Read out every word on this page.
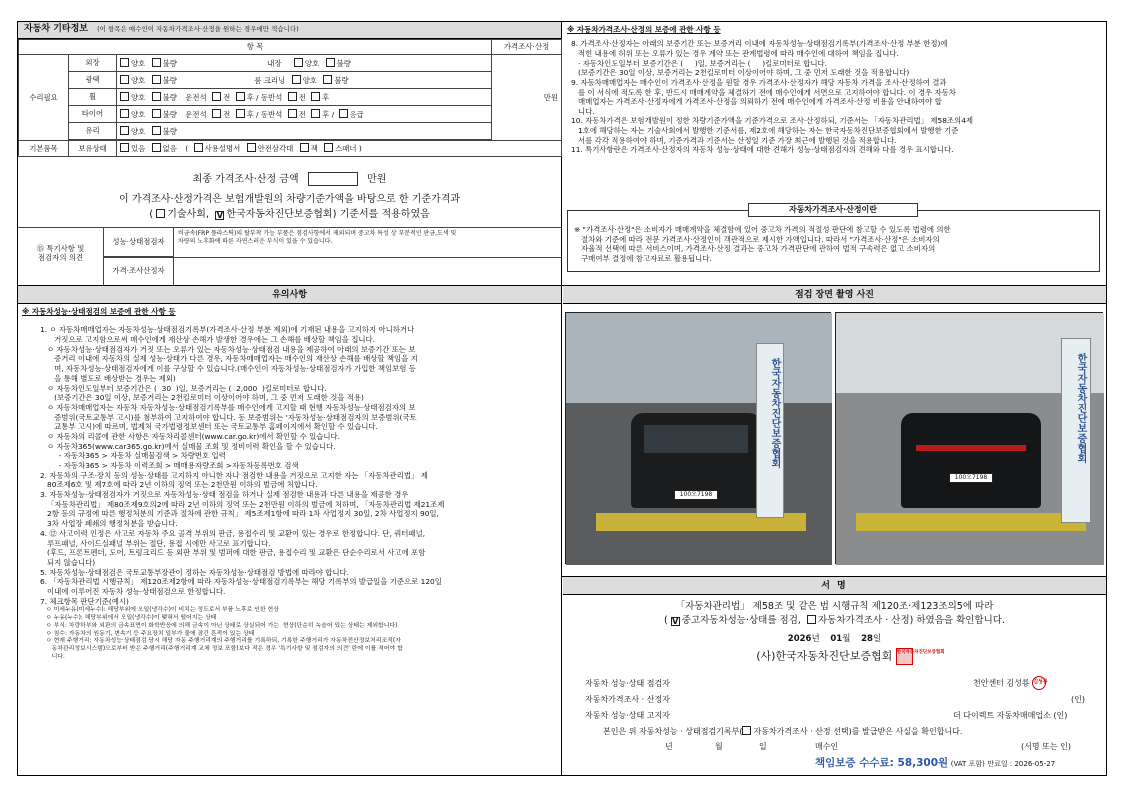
자동차 기타정보 (이 항목은 매수인이 자동차가격조사·산정을 원하는 경우에만 적습니다)
항 목			가격조사·산정
수리필요	외장	양호 불량 내장 양호 불량	만원
	광택	양호 불량 룸 크리닝 양호 불량	
	휠	양호 불량 운전석 전 후 / 동반석 전 후	
	타이어	양호 불량 운전석 전 후 / 동반석 전 후 / 응급	
	유리	양호 불량	

기본품목	보유상태	있음 없음 ( 사용설명서 안전삼각대 잭 스패너 )	
최종 가격조사·산정 금액	만원
이 가격조사·산정가격은 보험개발원의 차량기준가액을 바탕으로 한 기준가격과
( 기술사회, V 한국자동차진단보증협회) 기준서를 적용하였음
⑮ 특기사항 및
점검자의 의견
성능·상태점검자
비금속(FRP 플라스틱)의 탈부착 가능 부품은 점검사항에서 제외되며 중고차 특성 상 부분적인 판금,도색 및
차량의 노후화에 따른 자연스러운 부식이 있을 수 있습니다.
가격·조사산정자
※ 자동차가격조사·산정의 보증에 관한 사항 등
8. 가격조사·산정자는 아래의 보증기간 또는 보증거리 이내에 자동차성능·상태점검기록부(가격조사·산정 부분 한정)에
적힌 내용에 허위 또는 오류가 있는 경우 계약 또는 관계법령에 따라 매수인에 대하여 책임을 집니다.
· 자동차인도일부터 보증기간은 (     )일, 보증거리는 (     )킬로미터로 합니다.
(보증기간은 30일 이상, 보증거리는 2천킬로미터 이상이어야 하며, 그 중 먼저 도래한 것을 적용합니다)
9. 자동차매매업자는 매수인이 가격조사·산정을 원할 경우 가격조사·산정자가 해당 자동차 가격을 조사·산정하여 결과
를 이 서식에 적도록 한 후, 반드시 매매계약을 체결하기 전에 매수인에게 서면으로 고지하여야 합니다. 이 경우 자동차
매매업자는 가격조사·산정자에게 가격조사·산정을 의뢰하기 전에 매수인에게 가격조사·산정 비용을 안내하여야 합
니다.
10. 자동차가격은 보험개발원이 정한 차량기준가액을 기준가격으로 조사·산정하되, 기준서는 「자동차관리법」 제58조의4제
1호에 해당하는 자는 기술사회에서 발행한 기준서를, 제2호에 해당하는 자는 한국자동차진단보증협회에서 발행한 기준
서를 각각 적용하여야 하며, 기준가격과 기준서는 산정일 기준 가장 최근에 발행된 것을 적용합니다.
11. 특기사항란은 가격조사·산정자의 자동차 성능·상태에 대한 견해가 성능·상태점검자의 견해와 다를 경우 표시합니다.
자동차가격조사·산정이란
※ "가격조사·산정"은 소비자가 매매계약을 체결함에 있어 중고차 가격의 적절성 판단에 참고할 수 있도록 법령에 의한
절차와 기준에 따라 전문 가격조사·산정인이 객관적으로 제시한 가액입니다. 따라서 "가격조사·산정"은 소비자의
자율적 선택에 따른 서비스이며, 가격조사·산정 결과는 중고차 가격판단에 관하여 법적 구속력은 없고 소비자의
구매여부 결정에 참고자료로 활용됩니다.
유의사항
※ 자동차성능·상태점검의 보증에 관한 사항 등
1. ㅇ 자동차매매업자는 자동차성능·상태점검기록부(가격조사·산정 부분 제외)에 기재된 내용을 고지하지 아니하거나
거짓으로 고지함으로써 매수인에게 재산상 손해가 발생한 경우에는 그 손해를 배상할 책임을 집니다.
ㅇ 자동차성능·상태점검자가 거짓 또는 오류가 있는 자동차성능·상태점검 내용을 제공하여 아래의 보증기간 또는 보
증거리 이내에 자동차의 실제 성능·상태가 다른 경우, 자동차매매업자는 매수인의 재산상 손해를 배상할 책임을 지
며, 자동차성능·상태점검자에게 이를 구상할 수 있습니다.(매수인이 자동차성능·상태점검자가 가입한 책임보험 등
을 통해 별도로 배상받는 경우는 제외)
ㅇ 자동차인도일부터 보증기간은 (  30  )일, 보증거리는 (  2,000  )킬로미터로 합니다.
(보증기간은 30일 이상, 보증거리는 2천킬로미터 이상이어야 하며, 그 중 먼저 도래한 것을 적용)
ㅇ 자동차매매업자는 자동차 자동차성능·상태점검기록부를 매수인에게 고지할 때 현행 자동차성능·상태점검자의 보
증범위(국토교통부 고시)를 첨부하여 고지하여야 합니다. 동 보증범위는 '자동차성능·상태점검자의 보증범위(국토
교통부 고시)에 따르며, 법제처 국가법령정보센터 또는 국토교통부 홈페이지에서 확인할 수 있습니다.
ㅇ 자동차의 리콜에 관한 사항은 자동차리콜센터(www.car.go.kr)에서 확인할 수 있습니다.
ㅇ 자동차365(www.car365.go.kr)에서 실매물 조회 및 정비이력 확인을 할 수 있습니다.
- 자동차365 > 자동차 실매물검색 > 차량번호 입력
- 자동차365 > 자동차 이력조회 > 매매용자량조회 >자동차등록번호 검색
2. 자동차의 구조·장치 등의 성능·상태를 고지하지 아니한 자나 점검한 내용을 거짓으로 고지한 자는 「자동차관리법」 제
80조제6호 및 제7호에 따라 2년 이하의 징역 또는 2천만원 이하의 벌금에 처합니다.
3. 자동차성능·상태점검자가 거짓으로 자동차성능·상태 점검을 하거나 실제 점검한 내용과 다른 내용을 제공한 경우
「자동차관리법」 제80조제9호의2에 따라 2년 이하의 징역 또는 2천만원 이하의 벌금에 처하며, 「자동차관리법 제21조제
2항 등의 규정에 따른 행정처분의 기준과 절차에 관한 규칙」 제5조제1항에 따라 1차 사업정지 30일, 2차 사업정지 90일,
3차 사업장 폐쇄의 행정처분을 받습니다.
4. ⑫ 사고이력 인정은 사고로 자동차 주요 골격 부위의 판금, 용접수리 및 교환이 있는 경우로 한정합니다. 단, 쿼터패널,
루프패널, 사이드실패널 부위는 절단, 용접 시에만 사고로 표기합니다.
(후드, 프론트펜더, 도어, 트렁크리드 등 외판 부위 및 범퍼에 대한 판금, 용접수리 및 교환은 단순수리로서 사고에 포함
되지 않습니다)
5. 자동차성능·상태점검은 국토교통부장관이 정하는 자동차성능·상태점검 방법에 따라야 합니다.
6. 「자동차관리법 시행규칙」 제120조제2항에 따라 자동차성능·상태점검기록부는 해당 기록부의 발급일을 기준으로 120일
이내에 이루어진 자동차 성능·상태점검으로 한정합니다.
7. 체크항목 판단기준(예시)
ㅇ 미세누유(미세누수): 해당부위에 오일(냉각수)이 비치는 정도로서 부품 노후로 인한 현상
ㅇ 누유(누수): 해당부위에서 오일(냉각수)이 맺혀서 떨어지는 상태
ㅇ 부식: 차량하부와 외판의 금속표면이 화학반응에 의해 금속이 아닌 상태로 상실되어 가는  현상(단순히 녹슬어 있는 상태는 제외합니다)
ㅇ 침수: 자동차의 원동기, 변속기 등 주요장치 일부가 물에 잠긴 흔적이 있는 상태
ㅇ 현재 주행거리: 자동차성능·상태점검 당시 해당 자동 주행거리계의 주행거리를 기록하되, 기록한 주행거리가 자동차전산정보처리조직(자
동차관리정보시스템)으로부터 받은 주행거리(주행거리계 교체 정보 포함)보다 적은 경우 '특기사항 및 점검자의 의견' 란에 이를 적어야 합
니다.
점검 장면 촬영 사진
한국자동차진단보증협회
100오7198
한국자동차진단보증협회
100오7198
서 명
「자동차관리법」 제58조 및 같은 법 시행규칙 제120조·제123조의5에 따라
( V 중고자동차성능·상태를 점검, 자동차가격조사 · 산정) 하였음을 확인합니다.
2026년 01월 28일
(사)한국자동차진단보증협회 한국자동차진단보증협회
자동차 성능·상태 점검자	천안센터 김성룡 김성룡
자동차가격조사 · 산정자	(인)
자동차 성능·상태 고지자	더 다이렉트 자동차매매업소 (인)
본인은 위 자동차성능 · 상태점검기록부( 자동차가격조사 · 산정 선택)를 발급받은 사실을 확인합니다.
년	월	일	매수인	(서명 또는 인)
책임보증 수수료: 58,300원 (VAT 포함) 만료일 : 2026-05-27
